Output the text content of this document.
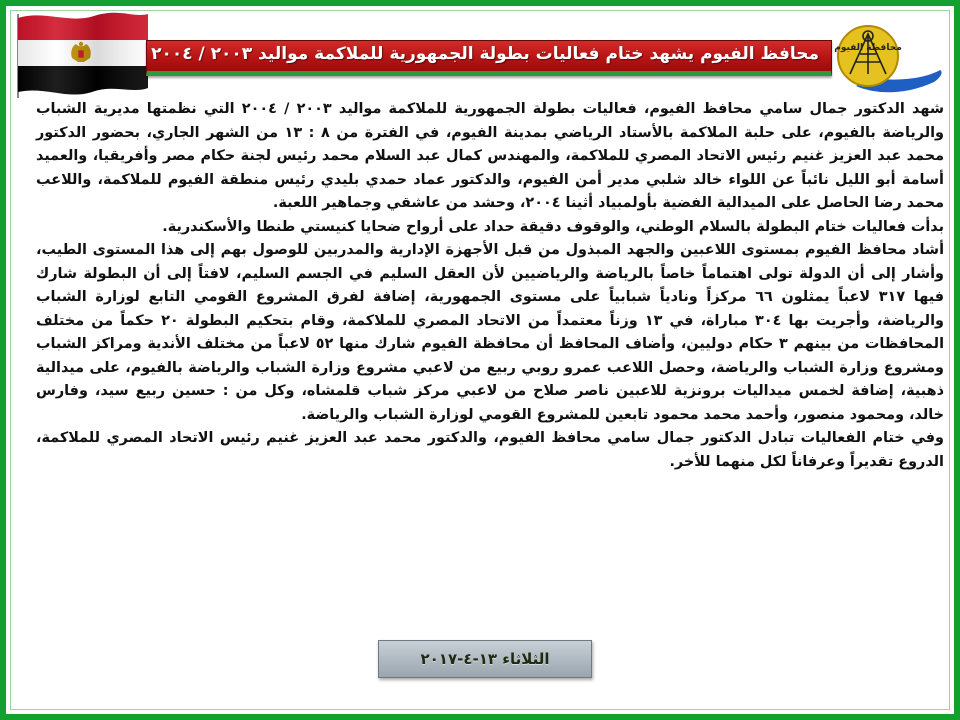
محافظة الفيوم
محافظ الفيوم يشهد ختام فعاليات بطولة الجمهورية للملاكمة مواليد ٢٠٠٣ / ٢٠٠٤

شهد الدكتور جمال سامي محافظ الفيوم، فعاليات بطولة الجمهورية للملاكمة مواليد ٢٠٠٣ / ٢٠٠٤ التي نظمتها مديرية الشباب والرياضة بالفيوم، على حلبة الملاكمة بالأستاد الرياضي بمدينة الفيوم، في الفترة من ٨ : ١٣ من الشهر الجاري، بحضور الدكتور محمد عبد العزيز غنيم رئيس الاتحاد المصري للملاكمة، والمهندس كمال عبد السلام محمد رئيس لجنة حكام مصر وأفريقيا، والعميد أسامة أبو الليل نائباً عن اللواء خالد شلبي مدير أمن الفيوم، والدكتور عماد حمدي بليدي رئيس منطقة الفيوم للملاكمة، واللاعب محمد رضا الحاصل على الميدالية الفضية بأولمبياد أثينا ٢٠٠٤، وحشد من عاشقي وجماهير اللعبة.

بدأت فعاليات ختام البطولة بالسلام الوطني، والوقوف دقيقة حداد على أرواح ضحايا كنيستي طنطا والأسكندرية.

أشاد محافظ الفيوم بمستوى اللاعبين والجهد المبذول من قبل الأجهزة الإدارية والمدربين للوصول بهم إلى هذا المستوى الطيب، وأشار إلى أن الدولة تولى اهتماماً خاصاً بالرياضة والرياضيين لأن العقل السليم في الجسم السليم، لافتاً إلى أن البطولة شارك فيها ٣١٧ لاعباً يمثلون ٦٦ مركزاً ونادياً شبابياً على مستوى الجمهورية، إضافة لفرق المشروع القومي التابع لوزارة الشباب والرياضة، وأجريت بها ٣٠٤ مباراة، في ١٣ وزناً معتمداً من الاتحاد المصري للملاكمة، وقام بتحكيم البطولة ٢٠ حكماً من مختلف المحافظات من بينهم ٣ حكام دوليين، وأضاف المحافظ أن محافظة الفيوم شارك منها ٥٢ لاعباً من مختلف الأندية ومراكز الشباب ومشروع وزارة الشباب والرياضة، وحصل اللاعب عمرو روبي ربيع من لاعبي مشروع وزارة الشباب والرياضة بالفيوم، على ميدالية ذهبية، إضافة لخمس ميداليات برونزية للاعبين ناصر صلاح من لاعبي مركز شباب قلمشاه، وكل من : حسين ربيع سيد، وفارس خالد، ومحمود منصور، وأحمد محمد محمود تابعين للمشروع القومي لوزارة الشباب والرياضة.

وفي ختام الفعاليات تبادل الدكتور جمال سامي محافظ الفيوم، والدكتور محمد عبد العزيز غنيم رئيس الاتحاد المصري للملاكمة، الدروع تقديراً وعرفاناً لكل منهما للأخر.

الثلاثاء ١٣-٤-٢٠١٧
